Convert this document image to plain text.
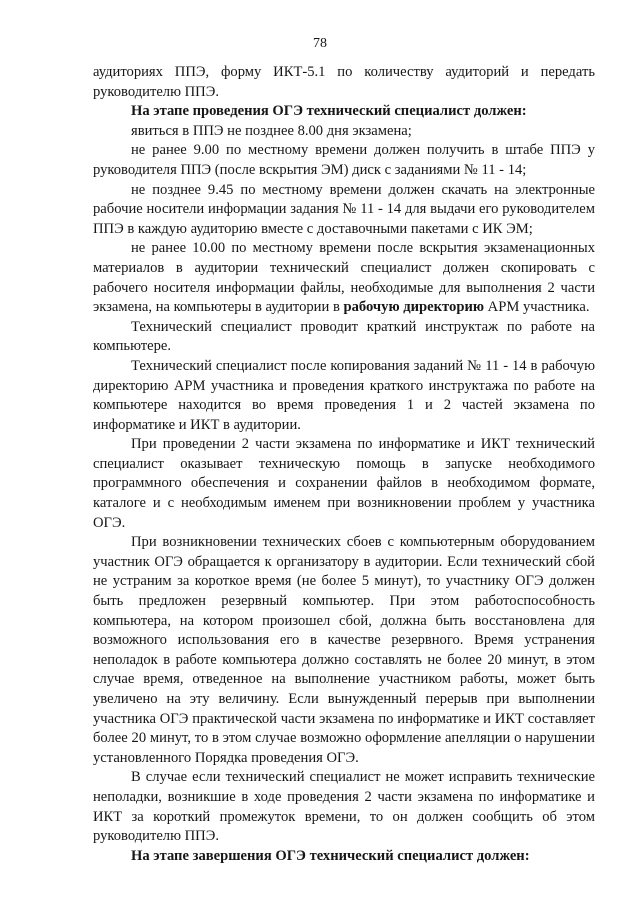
78

аудиториях ППЭ, форму ИКТ-5.1 по количеству аудиторий и передать руководителю ППЭ.

На этапе проведения ОГЭ технический специалист должен:

явиться в ППЭ не позднее 8.00 дня экзамена;

не ранее 9.00 по местному времени должен получить в штабе ППЭ у руководителя ППЭ (после вскрытия ЭМ) диск с заданиями № 11 - 14;

не позднее 9.45 по местному времени должен скачать на электронные рабочие носители информации задания № 11 - 14 для выдачи его руководителем ППЭ в каждую аудиторию вместе с доставочными пакетами с ИК ЭМ;

не ранее 10.00 по местному времени после вскрытия экзаменационных материалов в аудитории технический специалист должен скопировать с рабочего носителя информации файлы, необходимые для выполнения 2 части экзамена, на компьютеры в аудитории в рабочую директорию АРМ участника.

Технический специалист проводит краткий инструктаж по работе на компьютере.

Технический специалист после копирования заданий № 11 - 14 в рабочую директорию АРМ участника и проведения краткого инструктажа по работе на компьютере находится во время проведения 1 и 2 частей экзамена по информатике и ИКТ в аудитории.

При проведении 2 части экзамена по информатике и ИКТ технический специалист оказывает техническую помощь в запуске необходимого программного обеспечения и сохранении файлов в необходимом формате, каталоге и с необходимым именем при возникновении проблем у участника ОГЭ.

При возникновении технических сбоев с компьютерным оборудованием участник ОГЭ обращается к организатору в аудитории. Если технический сбой не устраним за короткое время (не более 5 минут), то участнику ОГЭ должен быть предложен резервный компьютер. При этом работоспособность компьютера, на котором произошел сбой, должна быть восстановлена для возможного использования его в качестве резервного. Время устранения неполадок в работе компьютера должно составлять не более 20 минут, в этом случае время, отведенное на выполнение участником работы, может быть увеличено на эту величину. Если вынужденный перерыв при выполнении участника ОГЭ практической части экзамена по информатике и ИКТ составляет более 20 минут, то в этом случае возможно оформление апелляции о нарушении установленного Порядка проведения ОГЭ.

В случае если технический специалист не может исправить технические неполадки, возникшие в ходе проведения 2 части экзамена по информатике и ИКТ за короткий промежуток времени, то он должен сообщить об этом руководителю ППЭ.

На этапе завершения ОГЭ технический специалист должен:
